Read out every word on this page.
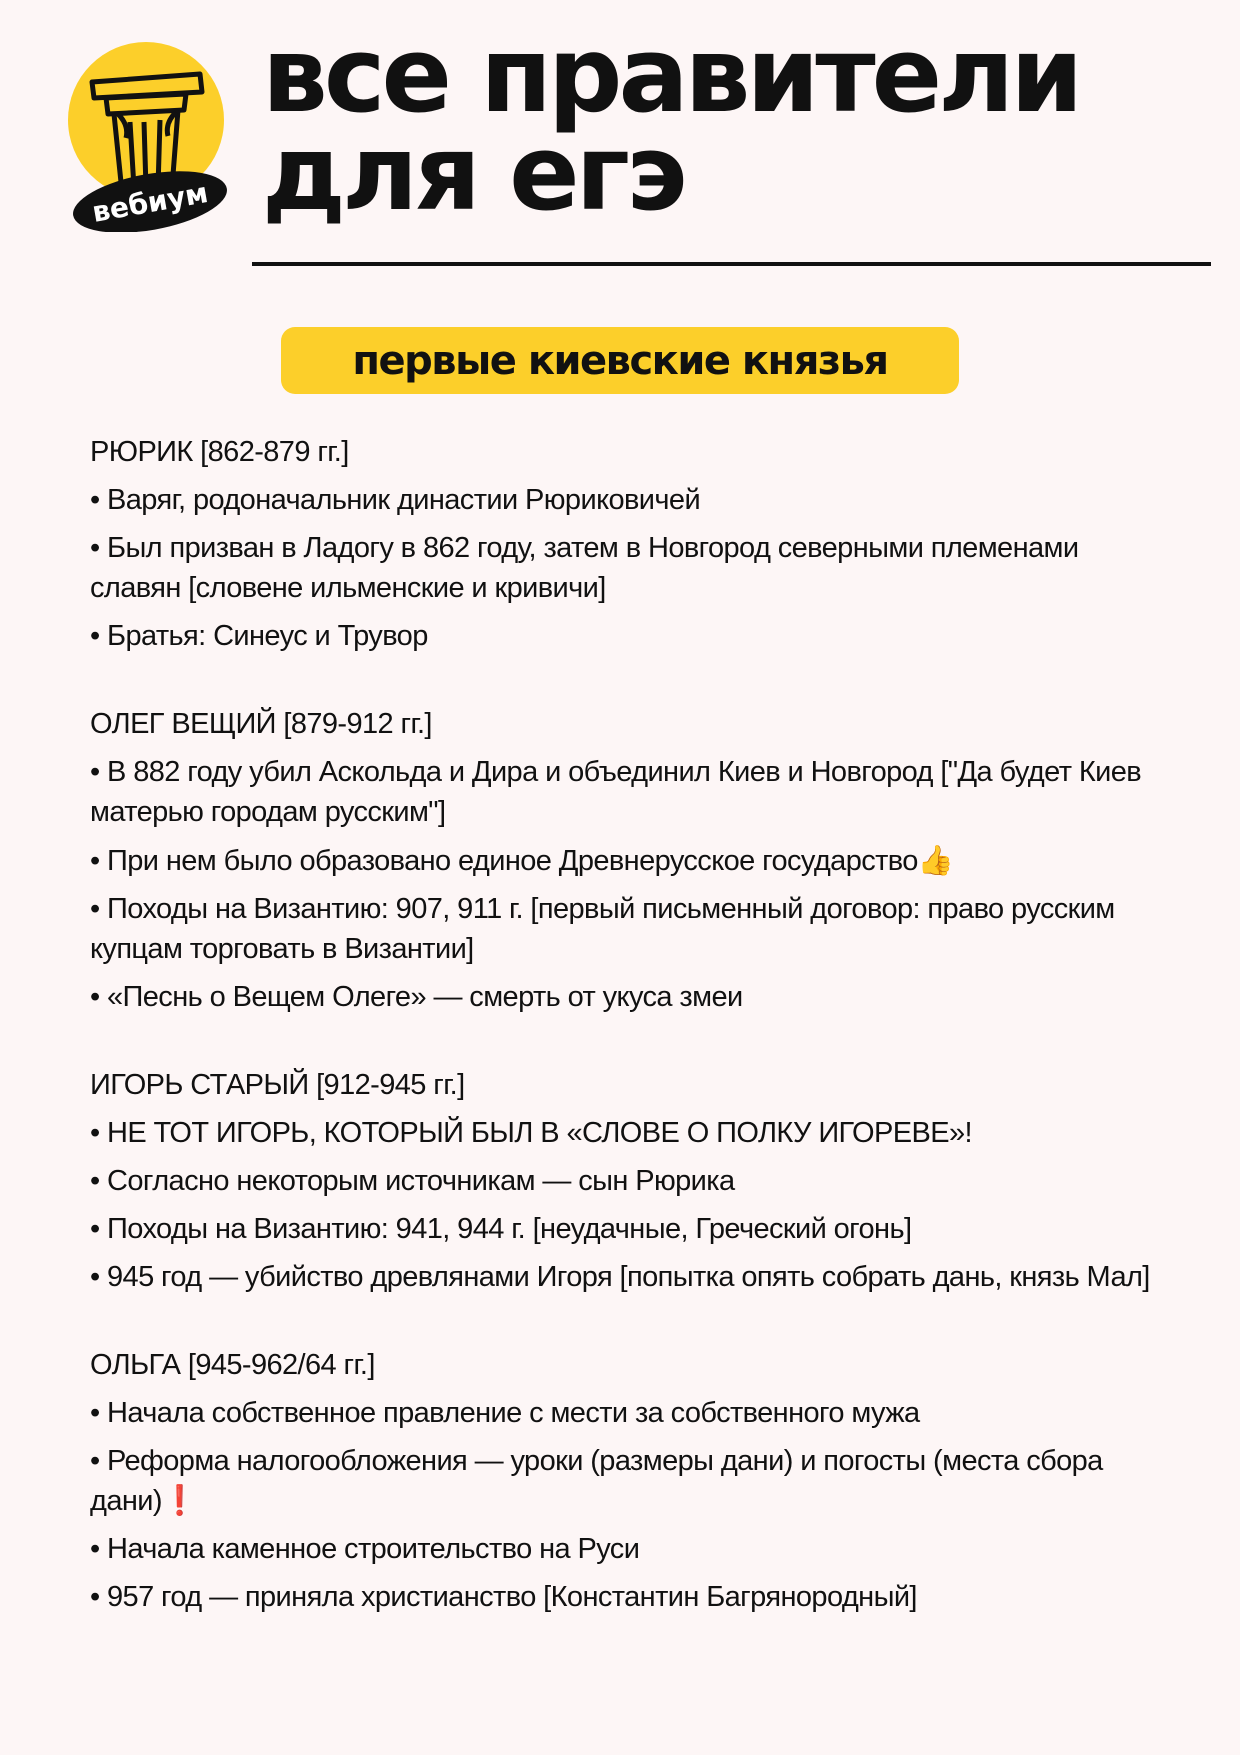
вебиум
все правители
для егэ
первые киевские князья
РЮРИК [862-879 гг.]
• Варяг, родоначальник династии Рюриковичей
• Был призван в Ладогу в 862 году, затем в Новгород северными племенами славян [словене ильменские и кривичи]
• Братья: Синеус и Трувор
ОЛЕГ ВЕЩИЙ [879-912 гг.]
• В 882 году убил Аскольда и Дира и объединил Киев и Новгород ["Да будет Киев матерью городам русским"]
• При нем было образовано единое Древнерусское государство👍
• Походы на Византию: 907, 911 г. [первый письменный договор: право русским купцам торговать в Византии]
• «Песнь о Вещем Олеге» — смерть от укуса змеи
ИГОРЬ СТАРЫЙ [912-945 гг.]
• НЕ ТОТ ИГОРЬ, КОТОРЫЙ БЫЛ В «СЛОВЕ О ПОЛКУ ИГОРЕВЕ»!
• Согласно некоторым источникам — сын Рюрика
• Походы на Византию: 941, 944 г. [неудачные, Греческий огонь]
• 945 год — убийство древлянами Игоря [попытка опять собрать дань, князь Мал]
ОЛЬГА [945-962/64 гг.]
• Начала собственное правление с мести за собственного мужа
• Реформа налогообложения — уроки (размеры дани) и погосты (места сбора дани)❗
• Начала каменное строительство на Руси
• 957 год — приняла христианство [Константин Багрянородный]
